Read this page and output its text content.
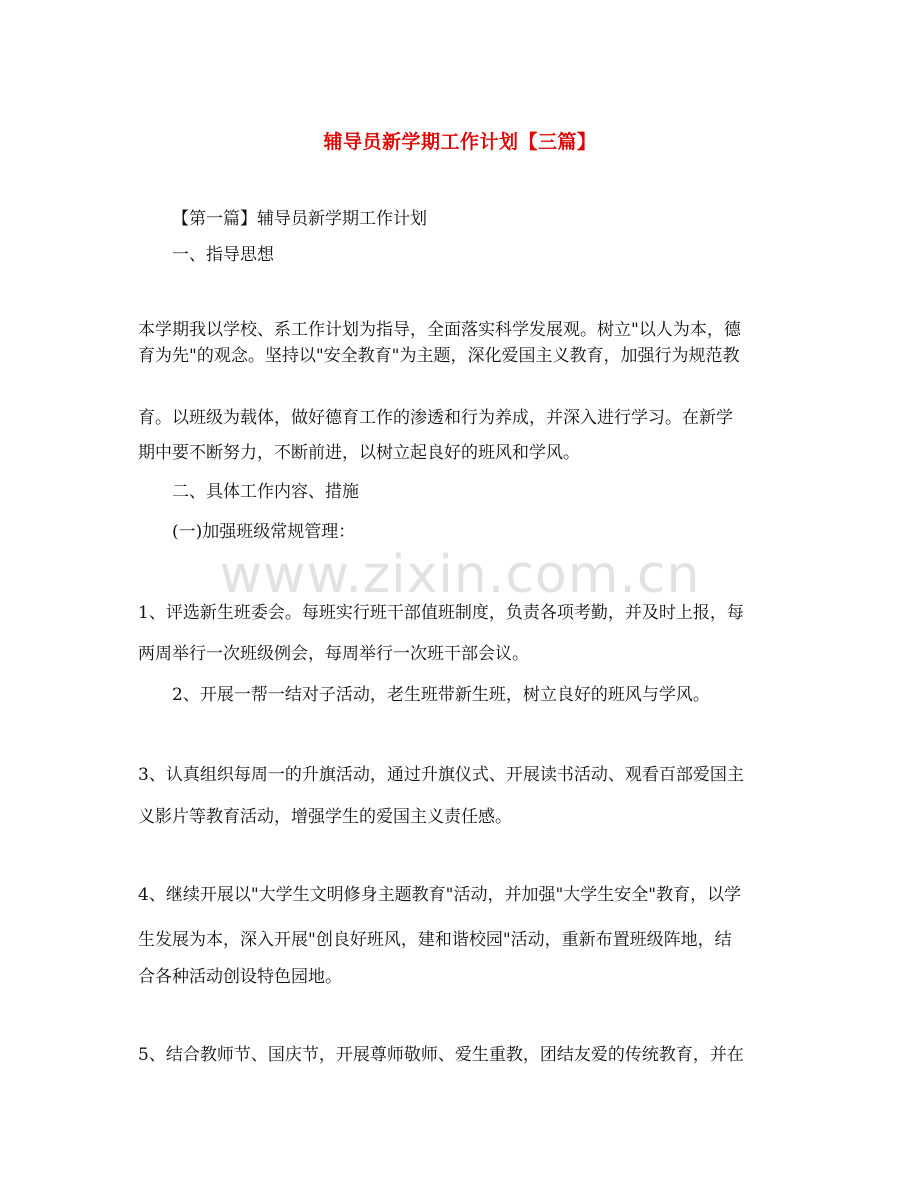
www.zixin.com.cn
辅导员新学期工作计划【三篇】
【第一篇】辅导员新学期工作计划
一、指导思想
本学期我以学校、系工作计划为指导，全面落实科学发展观。树立"以人为本，德
育为先"的观念。坚持以"安全教育"为主题，深化爱国主义教育，加强行为规范教
育。以班级为载体，做好德育工作的渗透和行为养成，并深入进行学习。在新学
期中要不断努力，不断前进，以树立起良好的班风和学风。
二、具体工作内容、措施
(一)加强班级常规管理：
1、评选新生班委会。每班实行班干部值班制度，负责各项考勤，并及时上报，每
两周举行一次班级例会，每周举行一次班干部会议。
2、开展一帮一结对子活动，老生班带新生班，树立良好的班风与学风。
3、认真组织每周一的升旗活动，通过升旗仪式、开展读书活动、观看百部爱国主
义影片等教育活动，增强学生的爱国主义责任感。
4、继续开展以"大学生文明修身主题教育"活动，并加强"大学生安全"教育，以学
生发展为本，深入开展"创良好班风，建和谐校园"活动，重新布置班级阵地，结
合各种活动创设特色园地。
5、结合教师节、国庆节，开展尊师敬师、爱生重教，团结友爱的传统教育，并在
